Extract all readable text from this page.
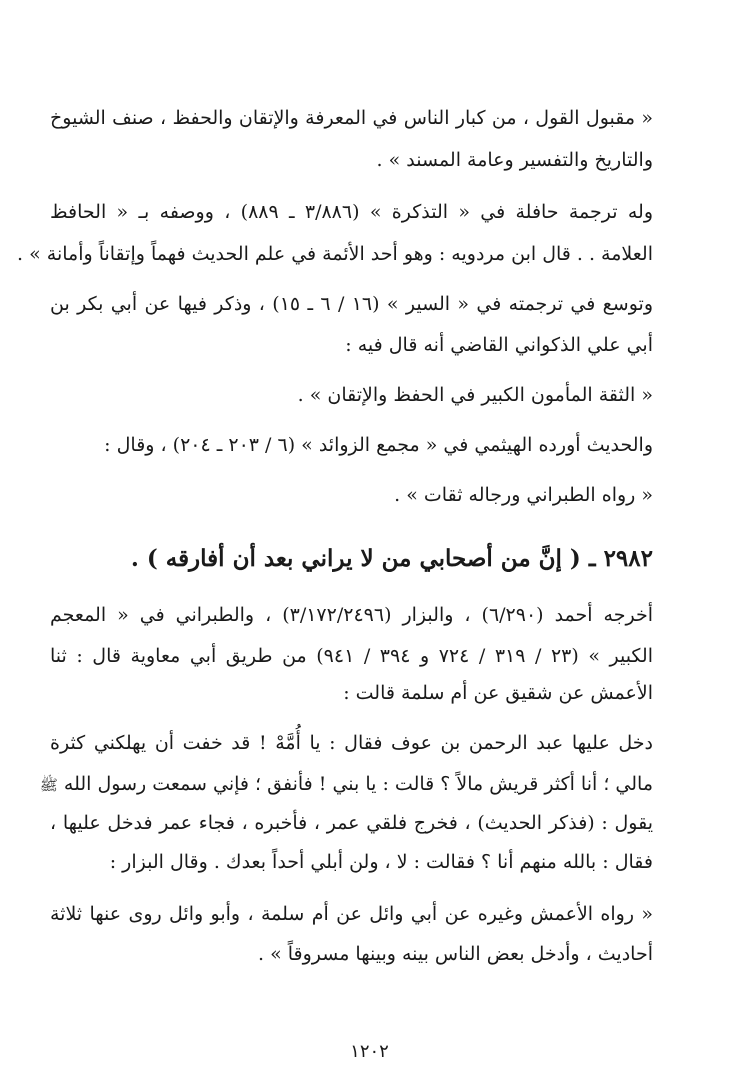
« مقبول القول ، من كبار الناس في المعرفة والإتقان والحفظ ، صنف الشيوخ
والتاريخ والتفسير وعامة المسند » .
وله ترجمة حافلة في « التذكرة » (٣/٨٨٦ ـ ٨٨٩) ، ووصفه بـ « الحافظ
العلامة . . قال ابن مردويه : وهو أحد الأئمة في علم الحديث فهماً وإتقاناً وأمانة » .
وتوسع في ترجمته في « السير » (١٦ / ٦ ـ ١٥) ، وذكر فيها عن أبي بكر بن
أبي علي الذكواني القاضي أنه قال فيه :
« الثقة المأمون الكبير في الحفظ والإتقان » .
والحديث أورده الهيثمي في « مجمع الزوائد » (٦ / ٢٠٣ ـ ٢٠٤) ، وقال :
« رواه الطبراني ورجاله ثقات » .
٢٩٨٢ ـ ( إنَّ من أصحابي من لا يراني بعد أن أفارقه ) .
أخرجه أحمد (٦/٢٩٠) ، والبزار (٣/١٧٢/٢٤٩٦) ، والطبراني في « المعجم
الكبير » (٢٣ / ٣١٩ / ٧٢٤ و ٣٩٤ / ٩٤١) من طريق أبي معاوية قال : ثنا
الأعمش عن شقيق عن أم سلمة قالت :
دخل عليها عبد الرحمن بن عوف فقال : يا أُمَّهْ ! قد خفت أن يهلكني كثرة
مالي ؛ أنا أكثر قريش مالاً ؟ قالت : يا بني ! فأنفق ؛ فإني سمعت رسول الله ﷺ
يقول : (فذكر الحديث) ، فخرج فلقي عمر ، فأخبره ، فجاء عمر فدخل عليها ،
فقال : بالله منهم أنا ؟ فقالت : لا ، ولن أبلي أحداً بعدك . وقال البزار :
« رواه الأعمش وغيره عن أبي وائل عن أم سلمة ، وأبو وائل روى عنها ثلاثة
أحاديث ، وأدخل بعض الناس بينه وبينها مسروقاً » .
١٢٠٢
